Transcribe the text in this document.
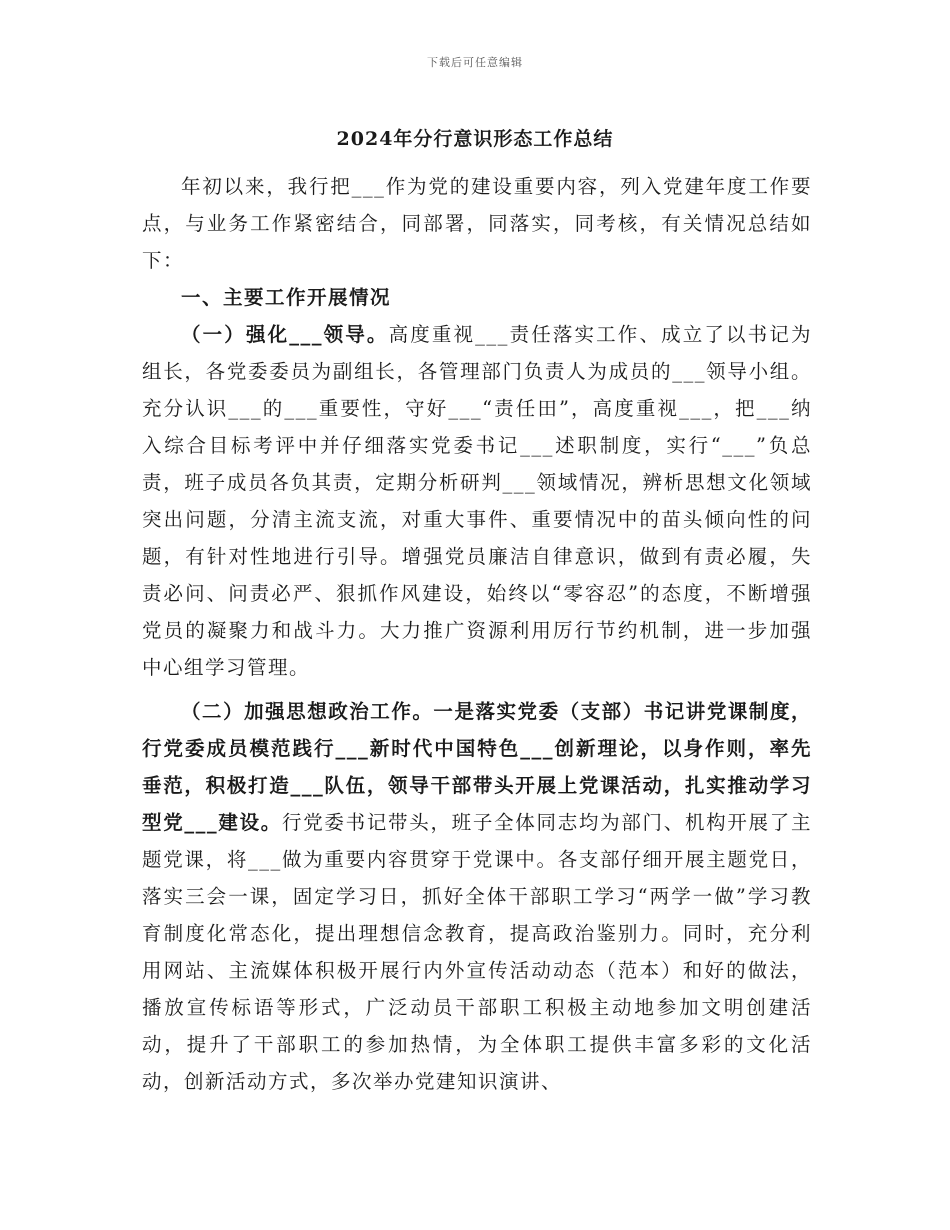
下载后可任意编辑
2024年分行意识形态工作总结

年初以来，我行把___作为党的建设重要内容，列入党建年度工作要点，与业务工作紧密结合，同部署，同落实，同考核，有关情况总结如下：

一、主要工作开展情况

（一）强化___领导。高度重视___责任落实工作、成立了以书记为组长，各党委委员为副组长，各管理部门负责人为成员的___领导小组。充分认识___的___重要性，守好___“责任田”，高度重视___，把___纳入综合目标考评中并仔细落实党委书记___述职制度，实行“___”负总责，班子成员各负其责，定期分析研判___领域情况，辨析思想文化领域突出问题，分清主流支流，对重大事件、重要情况中的苗头倾向性的问题，有针对性地进行引导。增强党员廉洁自律意识，做到有责必履，失责必问、问责必严、狠抓作风建设，始终以“零容忍”的态度，不断增强党员的凝聚力和战斗力。大力推广资源利用厉行节约机制，进一步加强中心组学习管理。

（二）加强思想政治工作。一是落实党委（支部）书记讲党课制度，行党委成员模范践行___新时代中国特色___创新理论，以身作则，率先垂范，积极打造___队伍，领导干部带头开展上党课活动，扎实推动学习型党___建设。行党委书记带头，班子全体同志均为部门、机构开展了主题党课，将___做为重要内容贯穿于党课中。各支部仔细开展主题党日，落实三会一课，固定学习日，抓好全体干部职工学习“两学一做”学习教育制度化常态化，提出理想信念教育，提高政治鉴别力。同时，充分利用网站、主流媒体积极开展行内外宣传活动动态（范本）和好的做法，播放宣传标语等形式，广泛动员干部职工积极主动地参加文明创建活动，提升了干部职工的参加热情，为全体职工提供丰富多彩的文化活动，创新活动方式，多次举办党建知识演讲、
